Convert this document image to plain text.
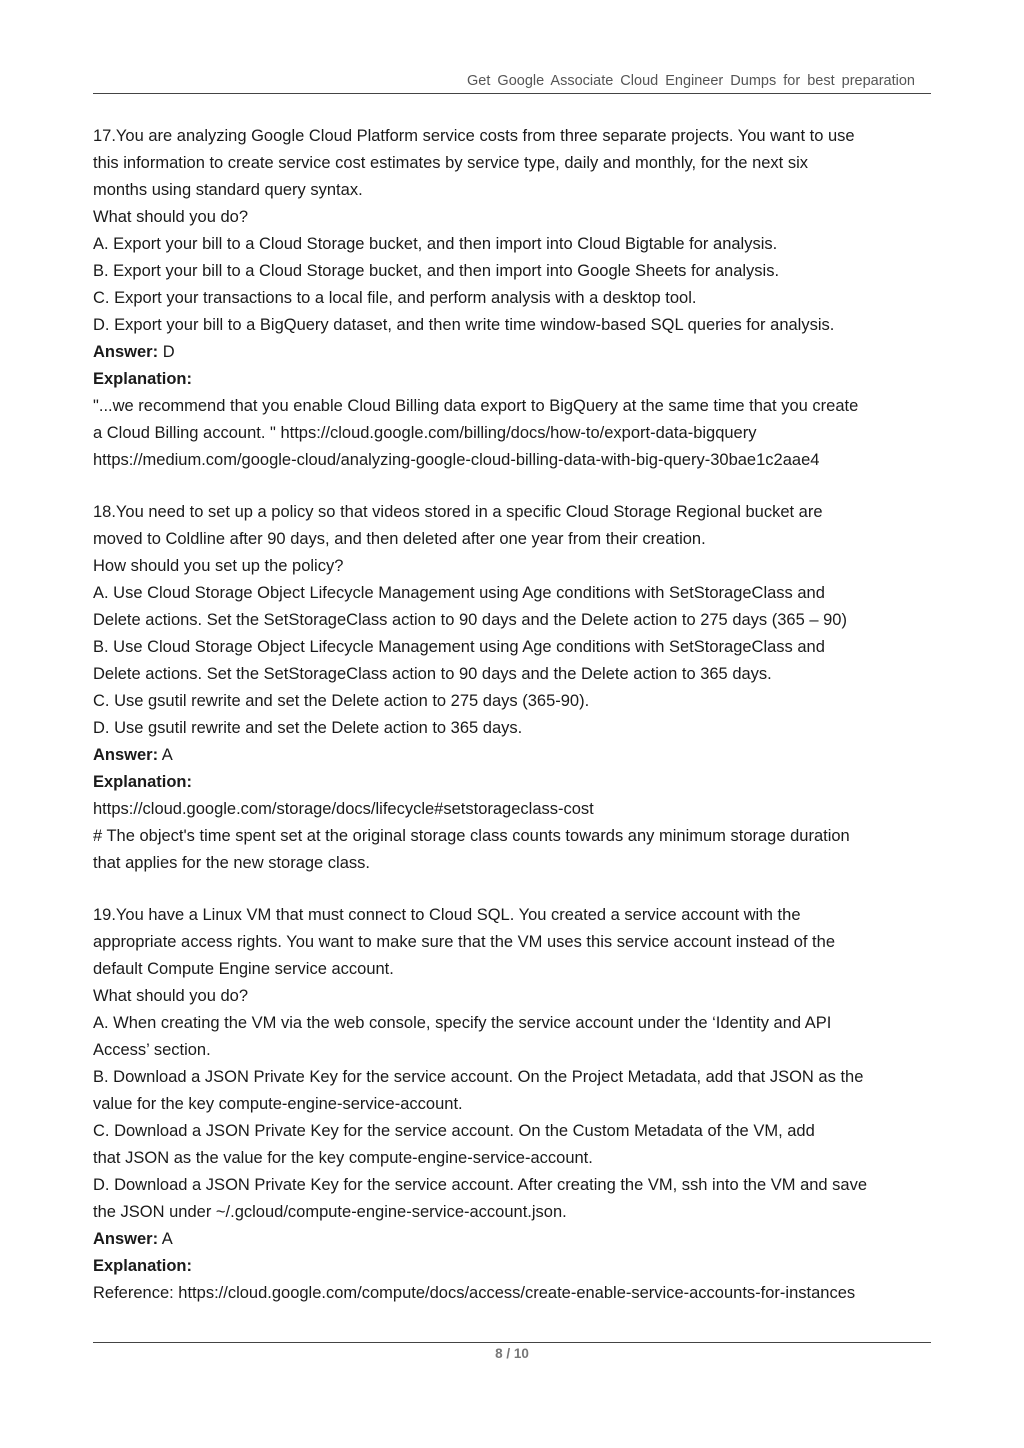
Get Google Associate Cloud Engineer Dumps for best preparation
17.You are analyzing Google Cloud Platform service costs from three separate projects. You want to use
this information to create service cost estimates by service type, daily and monthly, for the next six
months using standard query syntax.
What should you do?
A. Export your bill to a Cloud Storage bucket, and then import into Cloud Bigtable for analysis.
B. Export your bill to a Cloud Storage bucket, and then import into Google Sheets for analysis.
C. Export your transactions to a local file, and perform analysis with a desktop tool.
D. Export your bill to a BigQuery dataset, and then write time window-based SQL queries for analysis.
Answer: D
Explanation:
"...we recommend that you enable Cloud Billing data export to BigQuery at the same time that you create
a Cloud Billing account. " https://cloud.google.com/billing/docs/how-to/export-data-bigquery
https://medium.com/google-cloud/analyzing-google-cloud-billing-data-with-big-query-30bae1c2aae4
18.You need to set up a policy so that videos stored in a specific Cloud Storage Regional bucket are
moved to Coldline after 90 days, and then deleted after one year from their creation.
How should you set up the policy?
A. Use Cloud Storage Object Lifecycle Management using Age conditions with SetStorageClass and
Delete actions. Set the SetStorageClass action to 90 days and the Delete action to 275 days (365 – 90)
B. Use Cloud Storage Object Lifecycle Management using Age conditions with SetStorageClass and
Delete actions. Set the SetStorageClass action to 90 days and the Delete action to 365 days.
C. Use gsutil rewrite and set the Delete action to 275 days (365-90).
D. Use gsutil rewrite and set the Delete action to 365 days.
Answer: A
Explanation:
https://cloud.google.com/storage/docs/lifecycle#setstorageclass-cost
# The object's time spent set at the original storage class counts towards any minimum storage duration
that applies for the new storage class.
19.You have a Linux VM that must connect to Cloud SQL. You created a service account with the
appropriate access rights. You want to make sure that the VM uses this service account instead of the
default Compute Engine service account.
What should you do?
A. When creating the VM via the web console, specify the service account under the ‘Identity and API
Access’ section.
B. Download a JSON Private Key for the service account. On the Project Metadata, add that JSON as the
value for the key compute-engine-service-account.
C. Download a JSON Private Key for the service account. On the Custom Metadata of the VM, add
that JSON as the value for the key compute-engine-service-account.
D. Download a JSON Private Key for the service account. After creating the VM, ssh into the VM and save
the JSON under ~/.gcloud/compute-engine-service-account.json.
Answer: A
Explanation:
Reference: https://cloud.google.com/compute/docs/access/create-enable-service-accounts-for-instances
8 / 10
